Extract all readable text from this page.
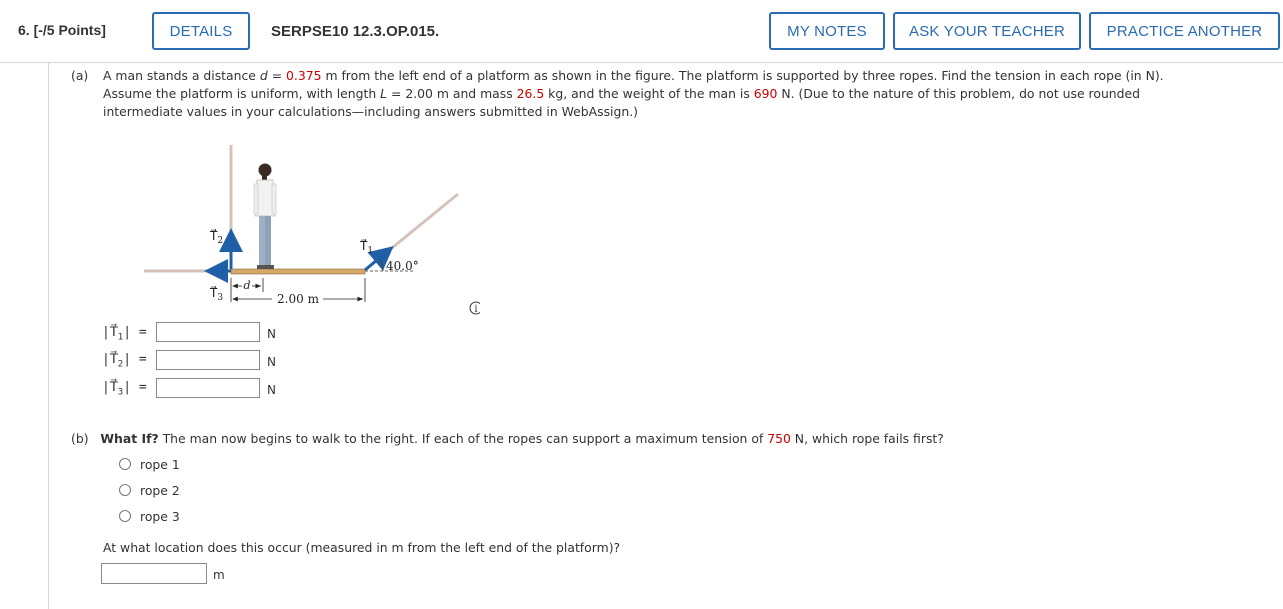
6. [-/5 Points]	DETAILS	SERPSE10 12.3.OP.015.	MY NOTES	ASK YOUR TEACHER	PRACTICE ANOTHER
(a) A man stands a distance d = 0.375 m from the left end of a platform as shown in the figure. The platform is supported by three ropes. Find the tension in each rope (in N).
Assume the platform is uniform, with length L = 2.00 m and mass 26.5 kg, and the weight of the man is 690 N. (Due to the nature of this problem, do not use rounded
intermediate values in your calculations—including answers submitted in WebAssign.)
d
2.00 m
$T⃗_2$
$T⃗_3$
$T⃗_1$
40.0°
i
$|T⃗_1|$ =	N
$|T⃗_2|$ =	N
$|T⃗_3|$ =	N
(b) What If? The man now begins to walk to the right. If each of the ropes can support a maximum tension of 750 N, which rope fails first?
rope 1
rope 2
rope 3
At what location does this occur (measured in m from the left end of the platform)?
m
